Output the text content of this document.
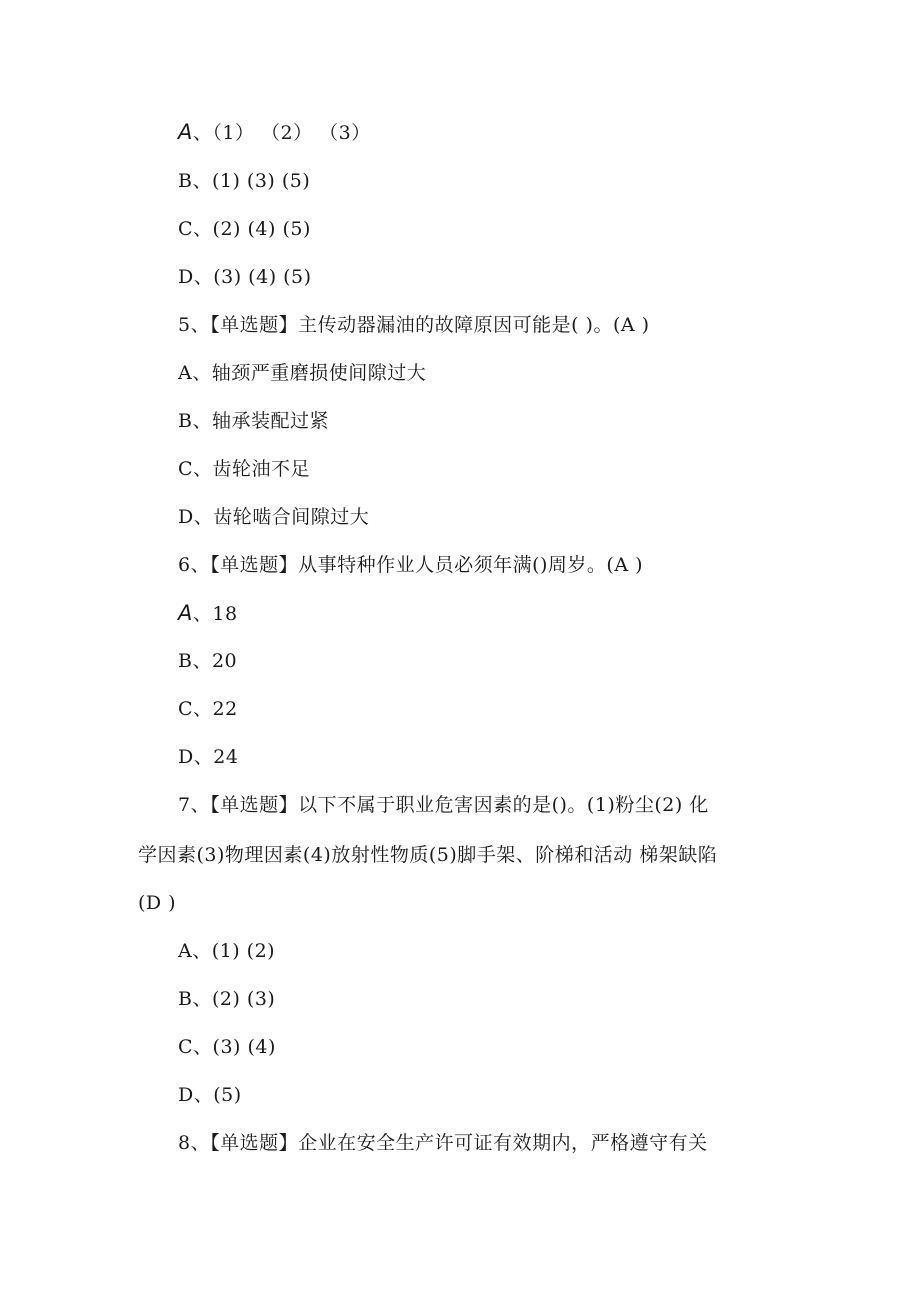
A、（1） （2） （3）
B、(1) (3) (5)
C、(2) (4) (5)
D、(3) (4) (5)
5、【单选题】主传动器漏油的故障原因可能是( )。(A )
A、轴颈严重磨损使间隙过大
B、轴承装配过紧
C、齿轮油不足
D、齿轮啮合间隙过大
6、【单选题】从事特种作业人员必须年满()周岁。(A )
A、18
B、20
C、22
D、24
7、【单选题】以下不属于职业危害因素的是()。(1)粉尘(2) 化
学因素(3)物理因素(4)放射性物质(5)脚手架、阶梯和活动 梯架缺陷
(D )
A、(1) (2)
B、(2) (3)
C、(3) (4)
D、(5)
8、【单选题】企业在安全生产许可证有效期内，严格遵守有关
